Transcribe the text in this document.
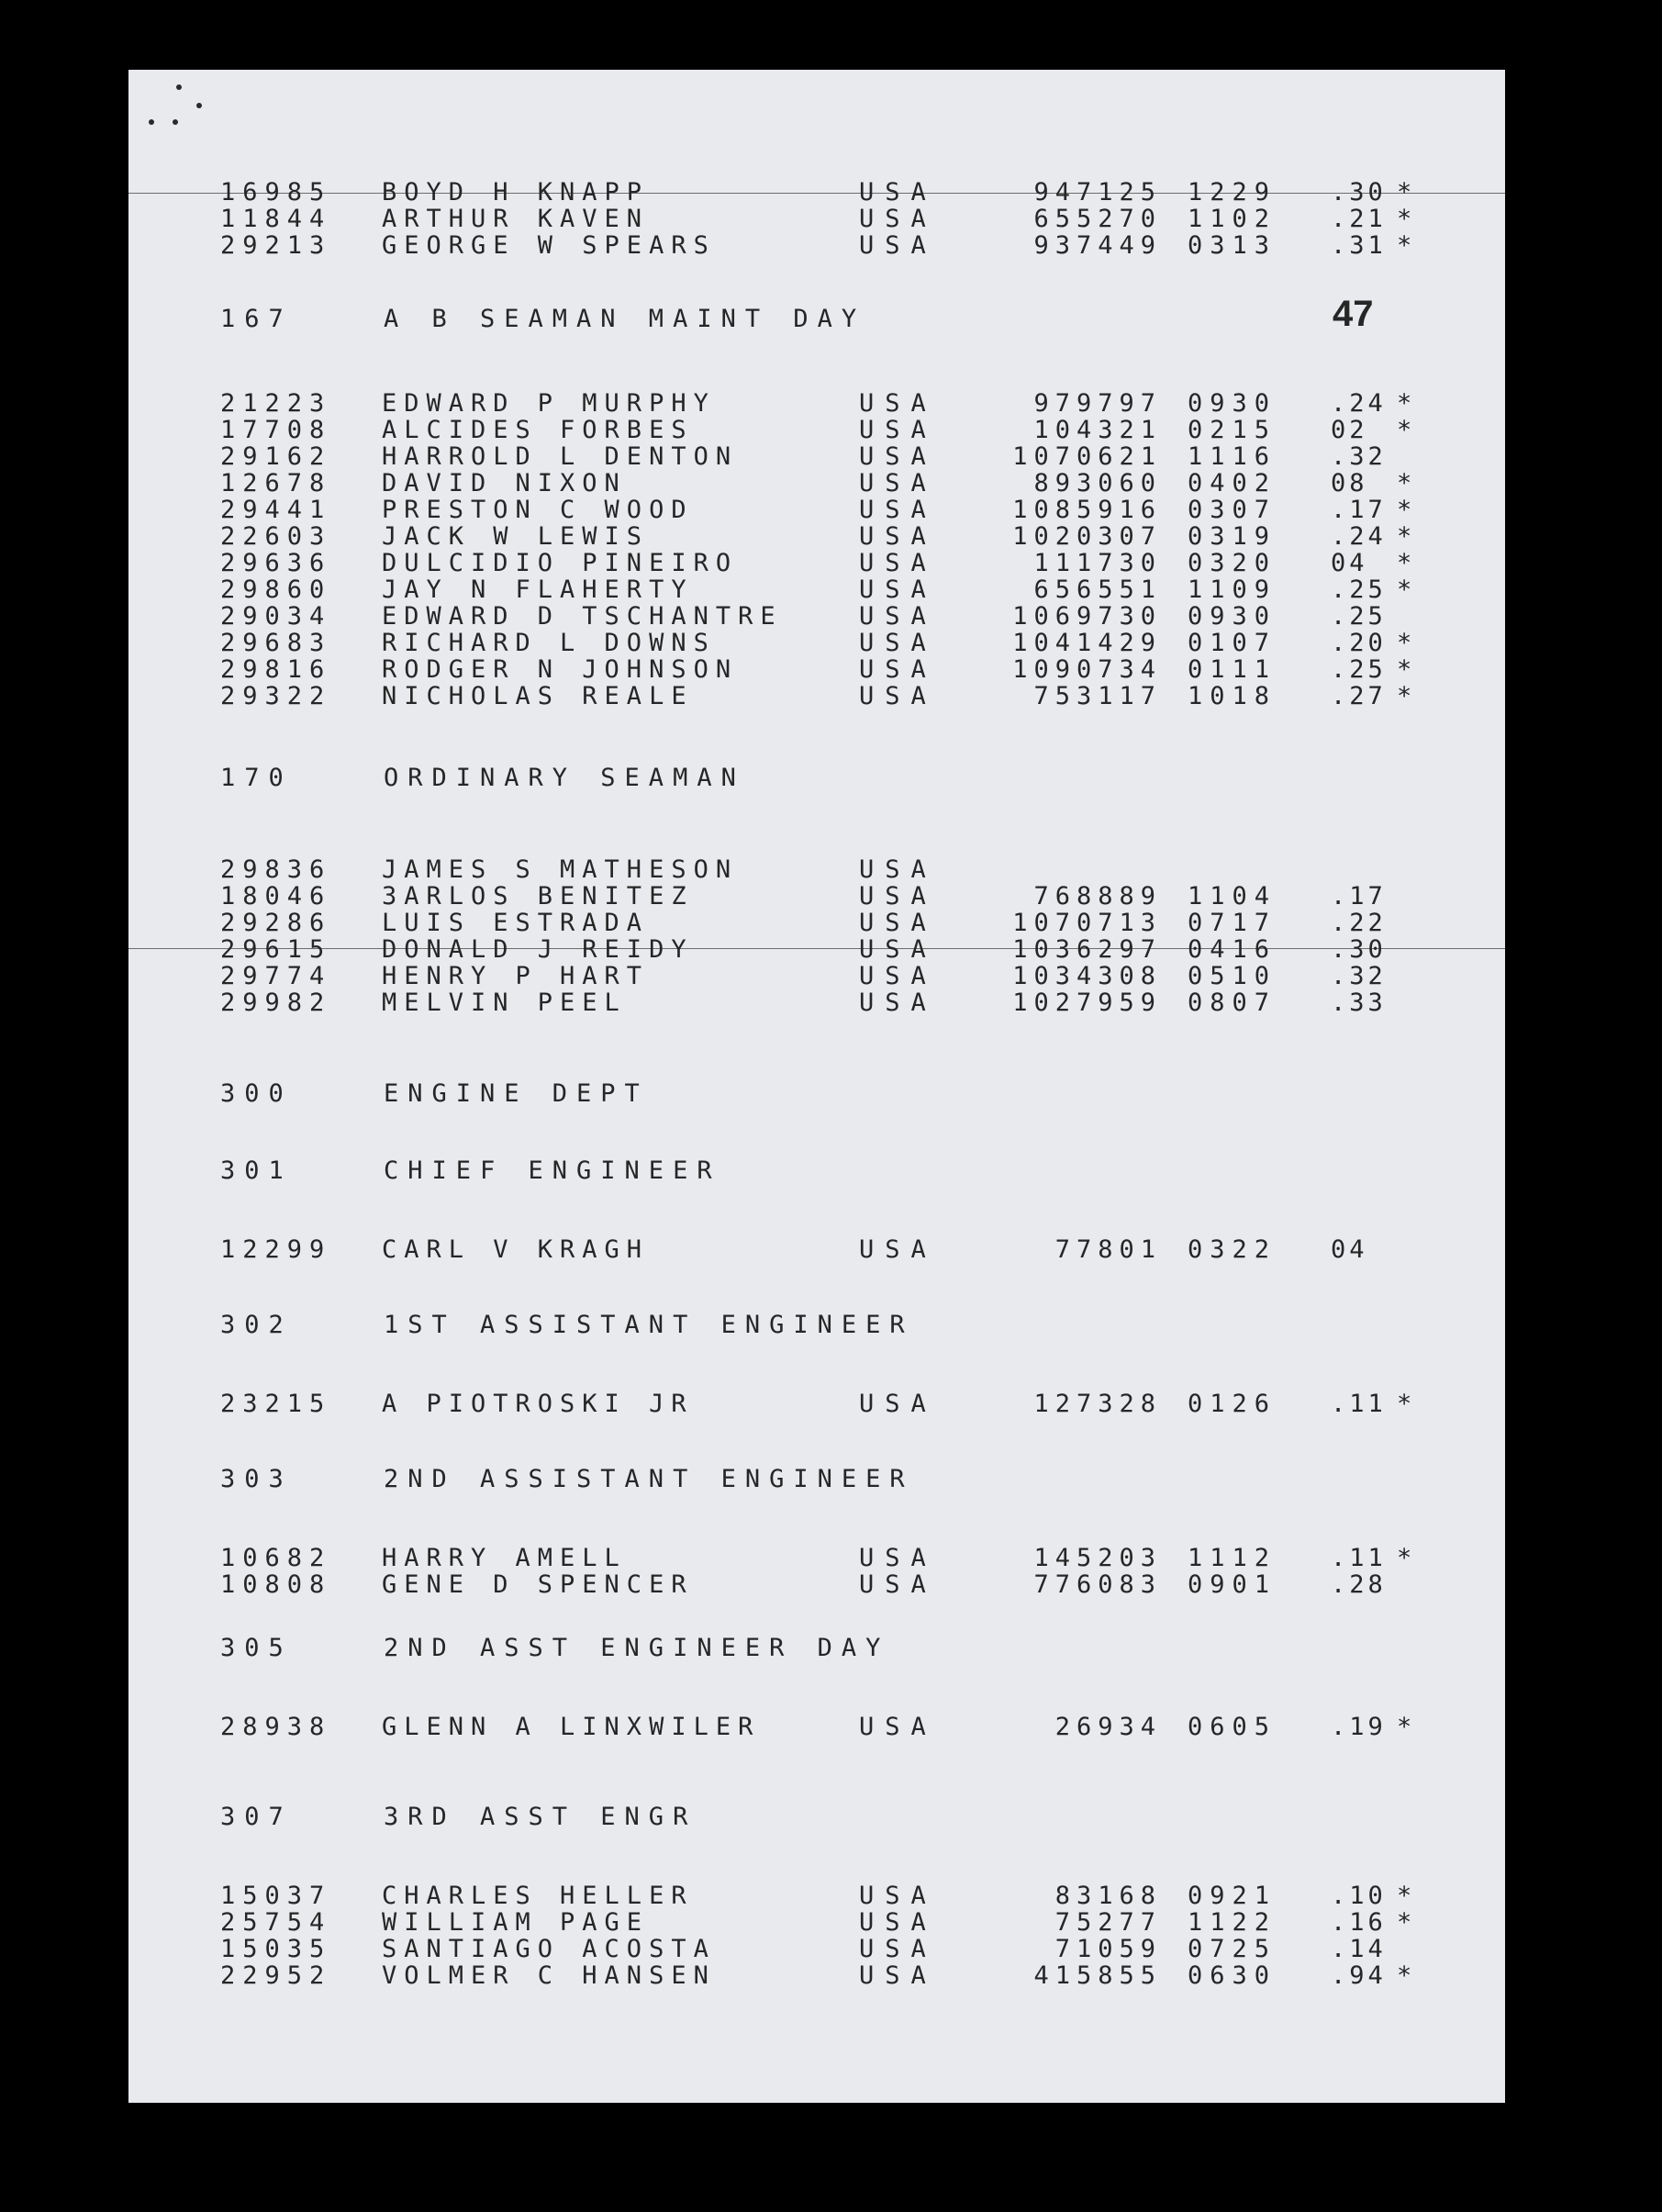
47
16985 BOYD H KNAPP	USA	947125 1229 .30 *
11844 ARTHUR KAVEN	USA	655270 1102 .21 *
29213 GEORGE W SPEARS	USA	937449 0313 .31 *
167	A B SEAMAN MAINT DAY
21223 EDWARD P MURPHY	USA	979797 0930 .24 *
17708 ALCIDES FORBES	USA	104321 0215 02 *
29162 HARROLD L DENTON	USA	1070621 1116 .32
12678 DAVID NIXON	USA	893060 0402 08 *
29441 PRESTON C WOOD	USA	1085916 0307 .17 *
22603 JACK W LEWIS	USA	1020307 0319 .24 *
29636 DULCIDIO PINEIRO	USA	111730 0320 04 *
29860 JAY N FLAHERTY	USA	656551 1109 .25 *
29034 EDWARD D TSCHANTRE	USA	1069730 0930 .25
29683 RICHARD L DOWNS	USA	1041429 0107 .20 *
29816 RODGER N JOHNSON	USA	1090734 0111 .25 *
29322 NICHOLAS REALE	USA	753117 1018 .27 *
170	ORDINARY SEAMAN
29836 JAMES S MATHESON	USA
18046 3ARLOS BENITEZ	USA	768889 1104 .17
29286 LUIS ESTRADA	USA	1070713 0717 .22
29615 DONALD J REIDY	USA	1036297 0416 .30
29774 HENRY P HART	USA	1034308 0510 .32
29982 MELVIN PEEL	USA	1027959 0807 .33
300	ENGINE DEPT
301	CHIEF ENGINEER
12299 CARL V KRAGH	USA	77801 0322 04
302	1ST ASSISTANT ENGINEER
23215 A PIOTROSKI JR	USA	127328 0126 .11 *
303	2ND ASSISTANT ENGINEER
10682 HARRY AMELL	USA	145203 1112 .11 *
10808 GENE D SPENCER	USA	776083 0901 .28
305	2ND ASST ENGINEER DAY
28938 GLENN A LINXWILER	USA	26934 0605 .19 *
307	3RD ASST ENGR
15037 CHARLES HELLER	USA	83168 0921 .10 *
25754 WILLIAM PAGE	USA	75277 1122 .16 *
15035 SANTIAGO ACOSTA	USA	71059 0725 .14
22952 VOLMER C HANSEN	USA	415855 0630 .94 *
